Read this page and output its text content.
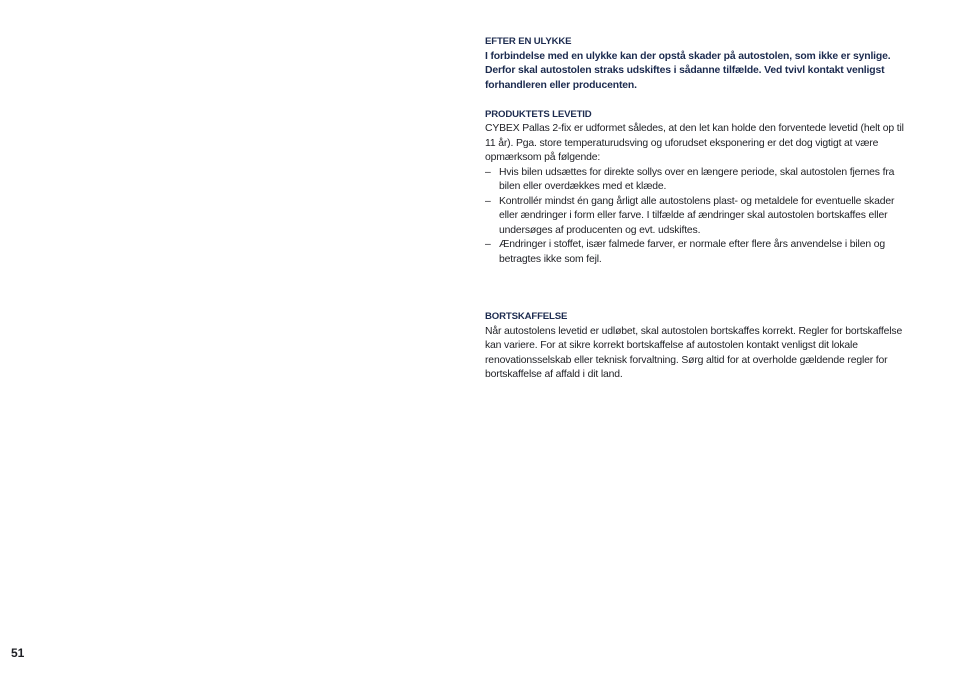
EFTER EN ULYKKE

I forbindelse med en ulykke kan der opstå skader på autostolen, som ikke er synlige. Derfor skal autostolen straks udskiftes i sådanne tilfælde. Ved tvivl kontakt venligst forhandleren eller producenten.

PRODUKTETS LEVETID

CYBEX Pallas 2-fix er udformet således, at den let kan holde den forventede levetid (helt op til 11 år). Pga. store temperaturudsving og uforudset eksponering er det dog vigtigt at være opmærksom på følgende:

– Hvis bilen udsættes for direkte sollys over en længere periode, skal autostolen fjernes fra bilen eller overdækkes med et klæde.
– Kontrollér mindst én gang årligt alle autostolens plast- og metaldele for eventuelle skader eller ændringer i form eller farve. I tilfælde af ændringer skal autostolen bortskaffes eller undersøges af producenten og evt. udskiftes.
– Ændringer i stoffet, især falmede farver, er normale efter flere års anvendelse i bilen og betragtes ikke som fejl.

BORTSKAFFELSE

Når autostolens levetid er udløbet, skal autostolen bortskaffes korrekt. Regler for bortskaffelse kan variere. For at sikre korrekt bortskaffelse af autostolen kontakt venligst dit lokale renovationsselskab eller teknisk forvaltning. Sørg altid for at overholde gældende regler for bortskaffelse af affald i dit land.

51
